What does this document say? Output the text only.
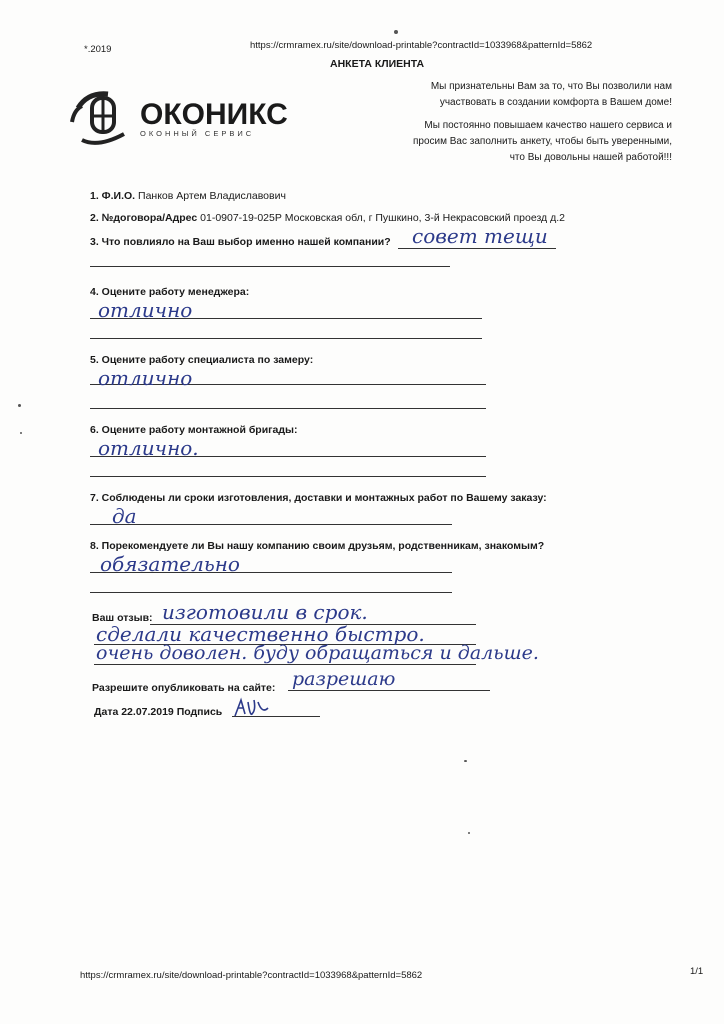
*.2019	https://crmramex.ru/site/download-printable?contractId=1033968&patternId=5862
АНКЕТА КЛИЕНТА
ОКОНИКС
ОКОННЫЙ СЕРВИС
Мы признательны Вам за то, что Вы позволили нам
участвовать в создании комфорта в Вашем доме!
Мы постоянно повышаем качество нашего сервиса и
просим Вас заполнить анкету, чтобы быть уверенными,
что Вы довольны нашей работой!!!
1. Ф.И.О. Панков Артем Владиславович
2. №договора/Адрес 01-0907-19-025Р Московская обл, г Пушкино, 3-й Некрасовский проезд д.2
3. Что повлияло на Ваш выбор именно нашей компании? совет тещи
4. Оцените работу менеджера:
отлично
5. Оцените работу специалиста по замеру:
отлично
6. Оцените работу монтажной бригады:
отлично.
7. Соблюдены ли сроки изготовления, доставки и монтажных работ по Вашему заказу:
да
8. Порекомендуете ли Вы нашу компанию своим друзьям, родственникам, знакомым?
обязательно
Ваш отзыв: изготовили в срок.
сделали качественно быстро.
очень доволен. буду обращаться и дальше.
Разрешите опубликовать на сайте: разрешаю
Дата 22.07.2019 Подпись
https://crmramex.ru/site/download-printable?contractId=1033968&patternId=5862	1/1
